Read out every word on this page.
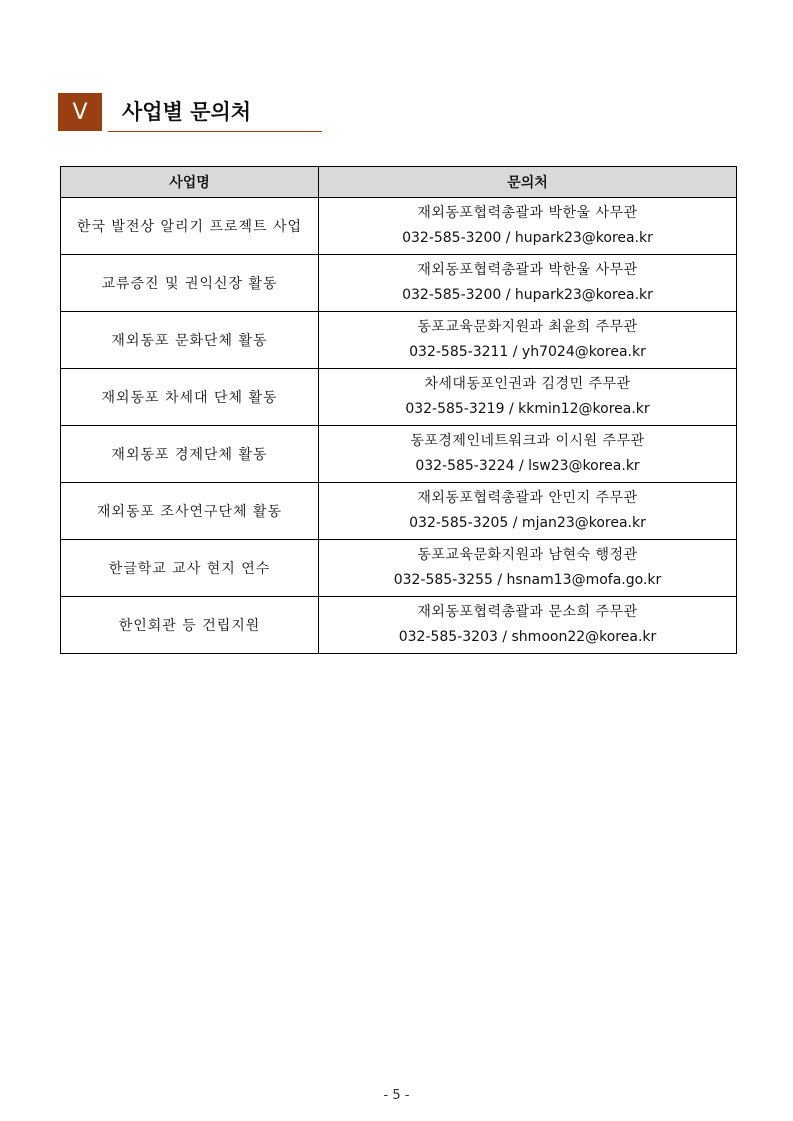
V	사업별 문의처
사업명	문의처
한국 발전상 알리기 프로젝트 사업	재외동포협력총괄과 박한울 사무관
032-585-3200 / hupark23@korea.kr

교류증진 및 권익신장 활동	재외동포협력총괄과 박한울 사무관
032-585-3200 / hupark23@korea.kr

재외동포 문화단체 활동	동포교육문화지원과 최윤희 주무관
032-585-3211 / yh7024@korea.kr

재외동포 차세대 단체 활동	차세대동포인권과 김경민 주무관
032-585-3219 / kkmin12@korea.kr

재외동포 경제단체 활동	동포경제인네트워크과 이시원 주무관
032-585-3224 / lsw23@korea.kr

재외동포 조사연구단체 활동	재외동포협력총괄과 안민지 주무관
032-585-3205 / mjan23@korea.kr

한글학교 교사 현지 연수	동포교육문화지원과 남현숙 행정관
032-585-3255 / hsnam13@mofa.go.kr

한인회관 등 건립지원	재외동포협력총괄과 문소희 주무관
032-585-3203 / shmoon22@korea.kr
- 5 -
